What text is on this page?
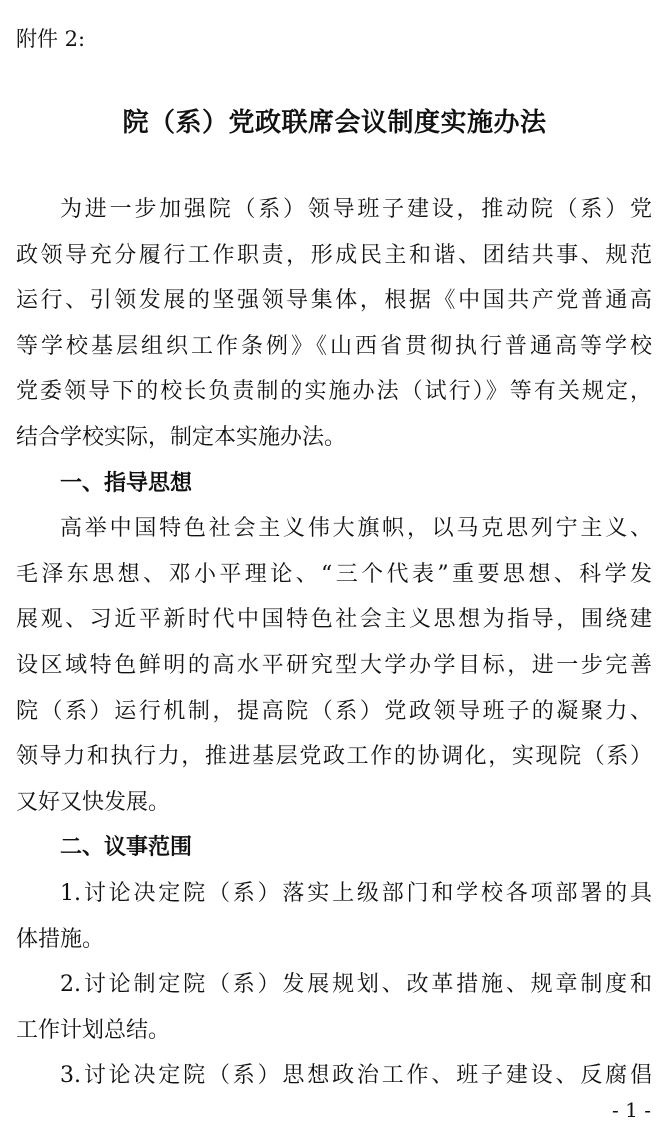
附件 2:
院（系）党政联席会议制度实施办法
为进一步加强院（系）领导班子建设，推动院（系）党
政领导充分履行工作职责，形成民主和谐、团结共事、规范
运行、引领发展的坚强领导集体，根据《中国共产党普通高
等学校基层组织工作条例》《山西省贯彻执行普通高等学校
党委领导下的校长负责制的实施办法（试行）》等有关规定，
结合学校实际，制定本实施办法。
一、指导思想
高举中国特色社会主义伟大旗帜，以马克思列宁主义、
毛泽东思想、邓小平理论、“三个代表”重要思想、科学发
展观、习近平新时代中国特色社会主义思想为指导，围绕建
设区域特色鲜明的高水平研究型大学办学目标，进一步完善
院（系）运行机制，提高院（系）党政领导班子的凝聚力、
领导力和执行力，推进基层党政工作的协调化，实现院（系）
又好又快发展。
二、议事范围
1.讨论决定院（系）落实上级部门和学校各项部署的具
体措施。
2.讨论制定院（系）发展规划、改革措施、规章制度和
工作计划总结。
3.讨论决定院（系）思想政治工作、班子建设、反腐倡
- 1 -
